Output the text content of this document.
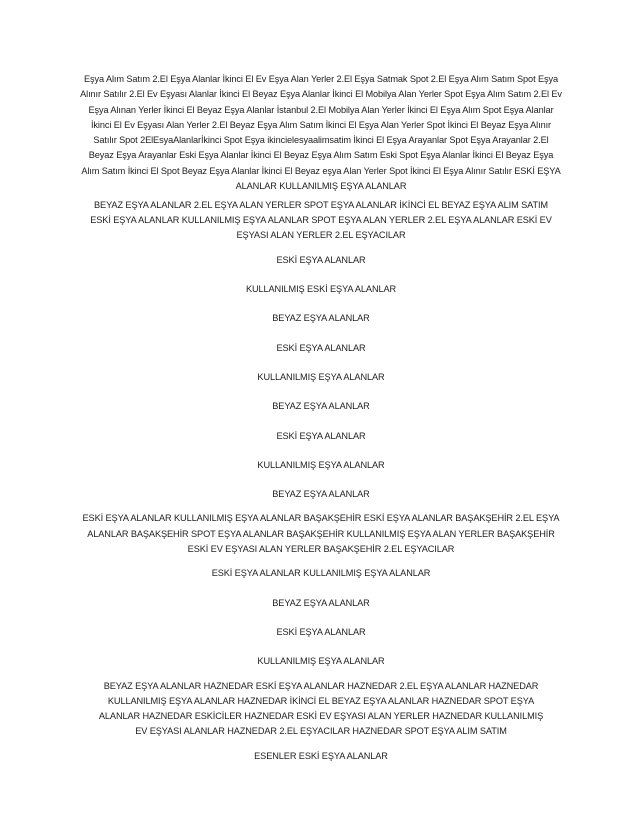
Eşya Alım Satım 2.El Eşya Alanlar İkinci El Ev Eşya Alan Yerler 2.El Eşya Satmak Spot 2.El Eşya Alım Satım Spot Eşya Alınır Satılır 2.El Ev Eşyası Alanlar İkinci El Beyaz Eşya Alanlar İkinci El Mobilya Alan Yerler Spot Eşya Alım Satım 2.El Ev Eşya Alınan Yerler İkinci El Beyaz Eşya Alanlar İstanbul 2.El Mobilya Alan Yerler İkinci El Eşya Alım Spot Eşya Alanlar İkinci El Ev Eşyası Alan Yerler 2.El Beyaz Eşya Alım Satım İkinci El Eşya Alan Yerler Spot İkinci El Beyaz Eşya Alınır Satılır Spot 2ElEsyaAlanlarİkinci Spot Eşya ikincielesyaalimsatim İkinci El Eşya Arayanlar Spot Eşya Arayanlar 2.El Beyaz Eşya Arayanlar Eski Eşya Alanlar İkinci El Beyaz Eşya Alım Satım Eski Spot Eşya Alanlar İkinci El Beyaz Eşya Alım Satım İkinci El Spot Beyaz Eşya Alanlar İkinci El Beyaz eşya Alan Yerler Spot İkinci El Eşya Alınır Satılır ESKİ EŞYA ALANLAR KULLANILMIŞ EŞYA ALANLAR

BEYAZ EŞYA ALANLAR 2.EL EŞYA ALAN YERLER SPOT EŞYA ALANLAR İKİNCİ EL BEYAZ EŞYA ALIM SATIM ESKİ EŞYA ALANLAR KULLANILMIŞ EŞYA ALANLAR SPOT EŞYA ALAN YERLER 2.EL EŞYA ALANLAR ESKİ EV EŞYASI ALAN YERLER 2.EL EŞYACILAR

ESKİ EŞYA ALANLAR

KULLANILMIŞ ESKİ EŞYA ALANLAR

BEYAZ EŞYA ALANLAR

ESKİ EŞYA ALANLAR

KULLANILMIŞ EŞYA ALANLAR

BEYAZ EŞYA ALANLAR

ESKİ EŞYA ALANLAR

KULLANILMIŞ EŞYA ALANLAR

BEYAZ EŞYA ALANLAR

ESKİ EŞYA ALANLAR KULLANILMIŞ EŞYA ALANLAR BAŞAKŞEHİR ESKİ EŞYA ALANLAR BAŞAKŞEHİR 2.EL EŞYA ALANLAR BAŞAKŞEHİR SPOT EŞYA ALANLAR BAŞAKŞEHİR KULLANILMIŞ EŞYA ALAN YERLER BAŞAKŞEHİR ESKİ EV EŞYASI ALAN YERLER BAŞAKŞEHİR 2.EL EŞYACILAR

ESKİ EŞYA ALANLAR KULLANILMIŞ EŞYA ALANLAR

BEYAZ EŞYA ALANLAR

ESKİ EŞYA ALANLAR

KULLANILMIŞ EŞYA ALANLAR

BEYAZ EŞYA ALANLAR HAZNEDAR ESKİ EŞYA ALANLAR HAZNEDAR 2.EL EŞYA ALANLAR HAZNEDAR KULLANILMIŞ EŞYA ALANLAR HAZNEDAR İKİNCİ EL BEYAZ EŞYA ALANLAR HAZNEDAR SPOT EŞYA ALANLAR HAZNEDAR ESKİCİLER HAZNEDAR ESKİ EV EŞYASI ALAN YERLER HAZNEDAR KULLANILMIŞ EV EŞYASI ALANLAR HAZNEDAR 2.EL EŞYACILAR HAZNEDAR SPOT EŞYA ALIM SATIM

ESENLER ESKİ EŞYA ALANLAR
